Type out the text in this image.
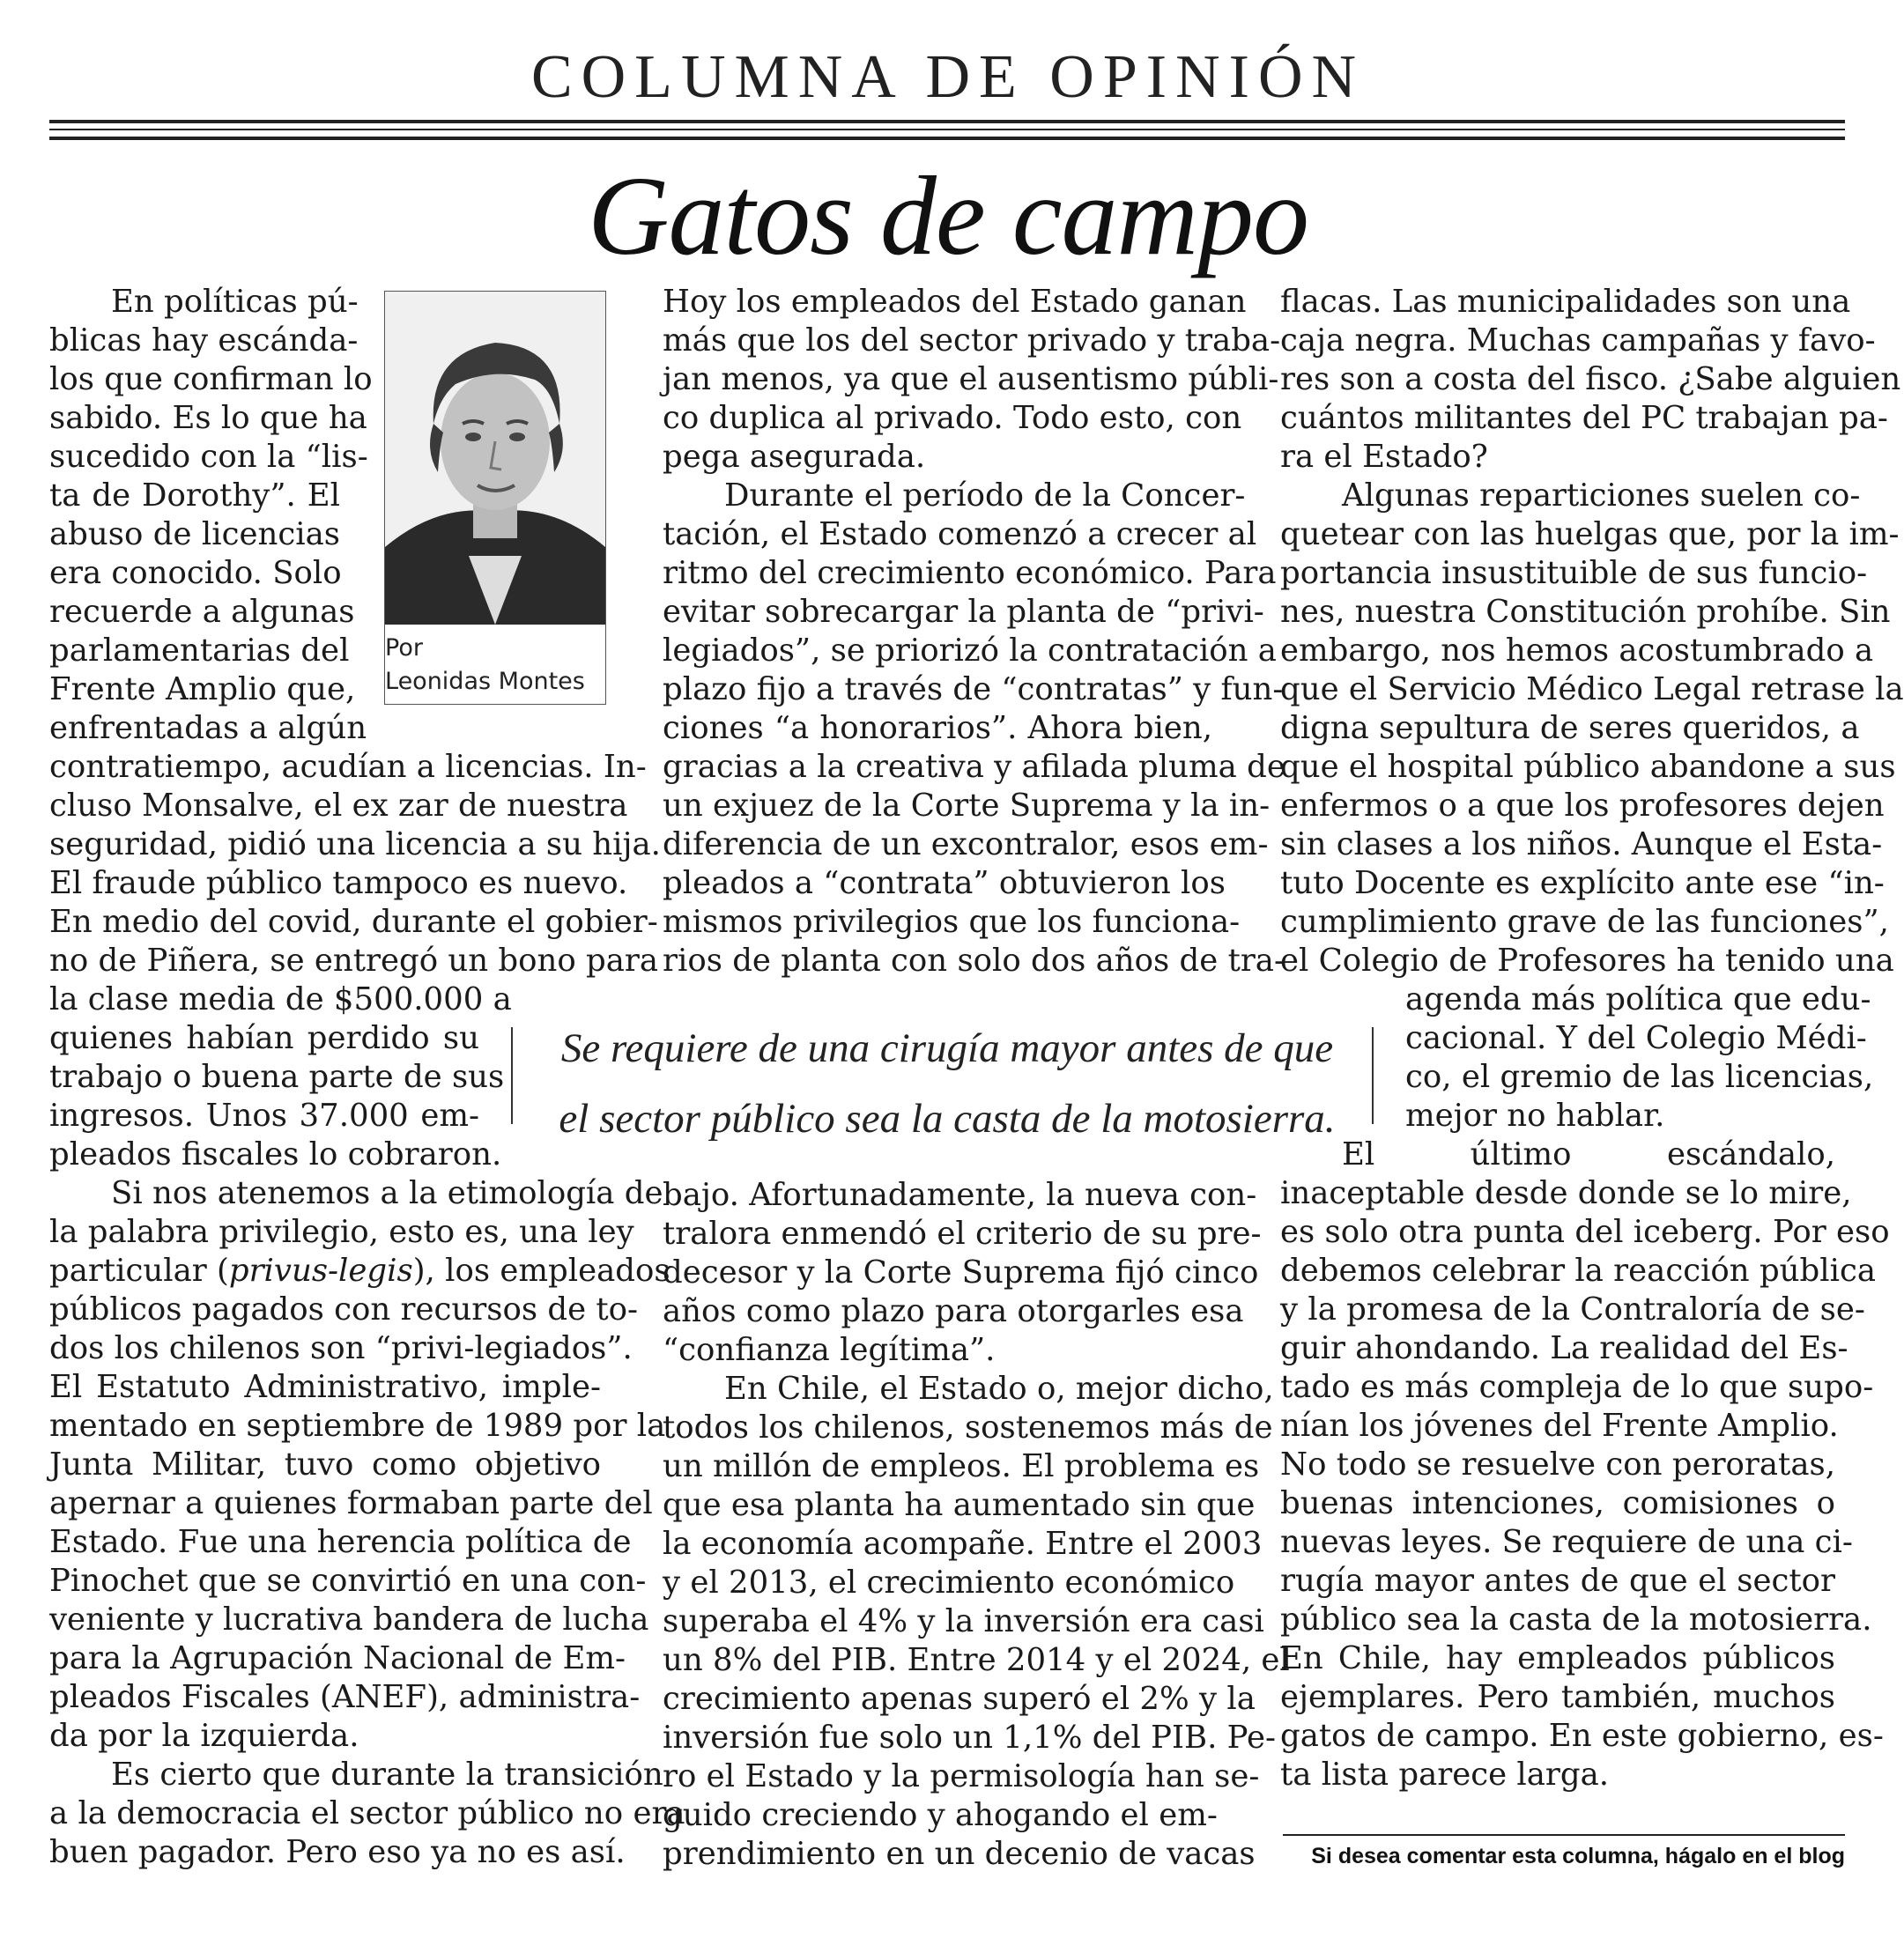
COLUMNA DE OPINIÓN
Gatos de campo
Por
Leonidas Montes
En políticas pú-
blicas hay escánda-
los que confirman lo
sabido. Es lo que ha
sucedido con la “lis-
ta de Dorothy”. El
abuso de licencias
era conocido. Solo
recuerde a algunas
parlamentarias del
Frente Amplio que,
enfrentadas a algún
contratiempo, acudían a licencias. In-
cluso Monsalve, el ex zar de nuestra
seguridad, pidió una licencia a su hija.
El fraude público tampoco es nuevo.
En medio del covid, durante el gobier-
no de Piñera, se entregó un bono para
la clase media de $500.000 a
quienes habían perdido su
trabajo o buena parte de sus
ingresos. Unos 37.000 em-
pleados fiscales lo cobraron.
Si nos atenemos a la etimología de
la palabra privilegio, esto es, una ley
particular (privus-legis), los empleados
públicos pagados con recursos de to-
dos los chilenos son “privi-legiados”.
El Estatuto Administrativo, imple-
mentado en septiembre de 1989 por la
Junta Militar, tuvo como objetivo
apernar a quienes formaban parte del
Estado. Fue una herencia política de
Pinochet que se convirtió en una con-
veniente y lucrativa bandera de lucha
para la Agrupación Nacional de Em-
pleados Fiscales (ANEF), administra-
da por la izquierda.
Es cierto que durante la transición
a la democracia el sector público no era
buen pagador. Pero eso ya no es así.
Hoy los empleados del Estado ganan
más que los del sector privado y traba-
jan menos, ya que el ausentismo públi-
co duplica al privado. Todo esto, con
pega asegurada.
Durante el período de la Concer-
tación, el Estado comenzó a crecer al
ritmo del crecimiento económico. Para
evitar sobrecargar la planta de “privi-
legiados”, se priorizó la contratación a
plazo fijo a través de “contratas” y fun-
ciones “a honorarios”. Ahora bien,
gracias a la creativa y afilada pluma de
un exjuez de la Corte Suprema y la in-
diferencia de un excontralor, esos em-
pleados a “contrata” obtuvieron los
mismos privilegios que los funciona-
rios de planta con solo dos años de tra-
Se requiere de una cirugía mayor antes de que
el sector público sea la casta de la motosierra.
bajo. Afortunadamente, la nueva con-
tralora enmendó el criterio de su pre-
decesor y la Corte Suprema fijó cinco
años como plazo para otorgarles esa
“confianza legítima”.
En Chile, el Estado o, mejor dicho,
todos los chilenos, sostenemos más de
un millón de empleos. El problema es
que esa planta ha aumentado sin que
la economía acompañe. Entre el 2003
y el 2013, el crecimiento económico
superaba el 4% y la inversión era casi
un 8% del PIB. Entre 2014 y el 2024, el
crecimiento apenas superó el 2% y la
inversión fue solo un 1,1% del PIB. Pe-
ro el Estado y la permisología han se-
guido creciendo y ahogando el em-
prendimiento en un decenio de vacas
flacas. Las municipalidades son una
caja negra. Muchas campañas y favo-
res son a costa del fisco. ¿Sabe alguien
cuántos militantes del PC trabajan pa-
ra el Estado?
Algunas reparticiones suelen co-
quetear con las huelgas que, por la im-
portancia insustituible de sus funcio-
nes, nuestra Constitución prohíbe. Sin
embargo, nos hemos acostumbrado a
que el Servicio Médico Legal retrase la
digna sepultura de seres queridos, a
que el hospital público abandone a sus
enfermos o a que los profesores dejen
sin clases a los niños. Aunque el Esta-
tuto Docente es explícito ante ese “in-
cumplimiento grave de las funciones”,
el Colegio de Profesores ha tenido una
agenda más política que edu-
cacional. Y del Colegio Médi-
co, el gremio de las licencias,
mejor no hablar.
El último escándalo,
inaceptable desde donde se lo mire,
es solo otra punta del iceberg. Por eso
debemos celebrar la reacción pública
y la promesa de la Contraloría de se-
guir ahondando. La realidad del Es-
tado es más compleja de lo que supo-
nían los jóvenes del Frente Amplio.
No todo se resuelve con peroratas,
buenas intenciones, comisiones o
nuevas leyes. Se requiere de una ci-
rugía mayor antes de que el sector
público sea la casta de la motosierra.
En Chile, hay empleados públicos
ejemplares. Pero también, muchos
gatos de campo. En este gobierno, es-
ta lista parece larga.
Si desea comentar esta columna, hágalo en el blog
